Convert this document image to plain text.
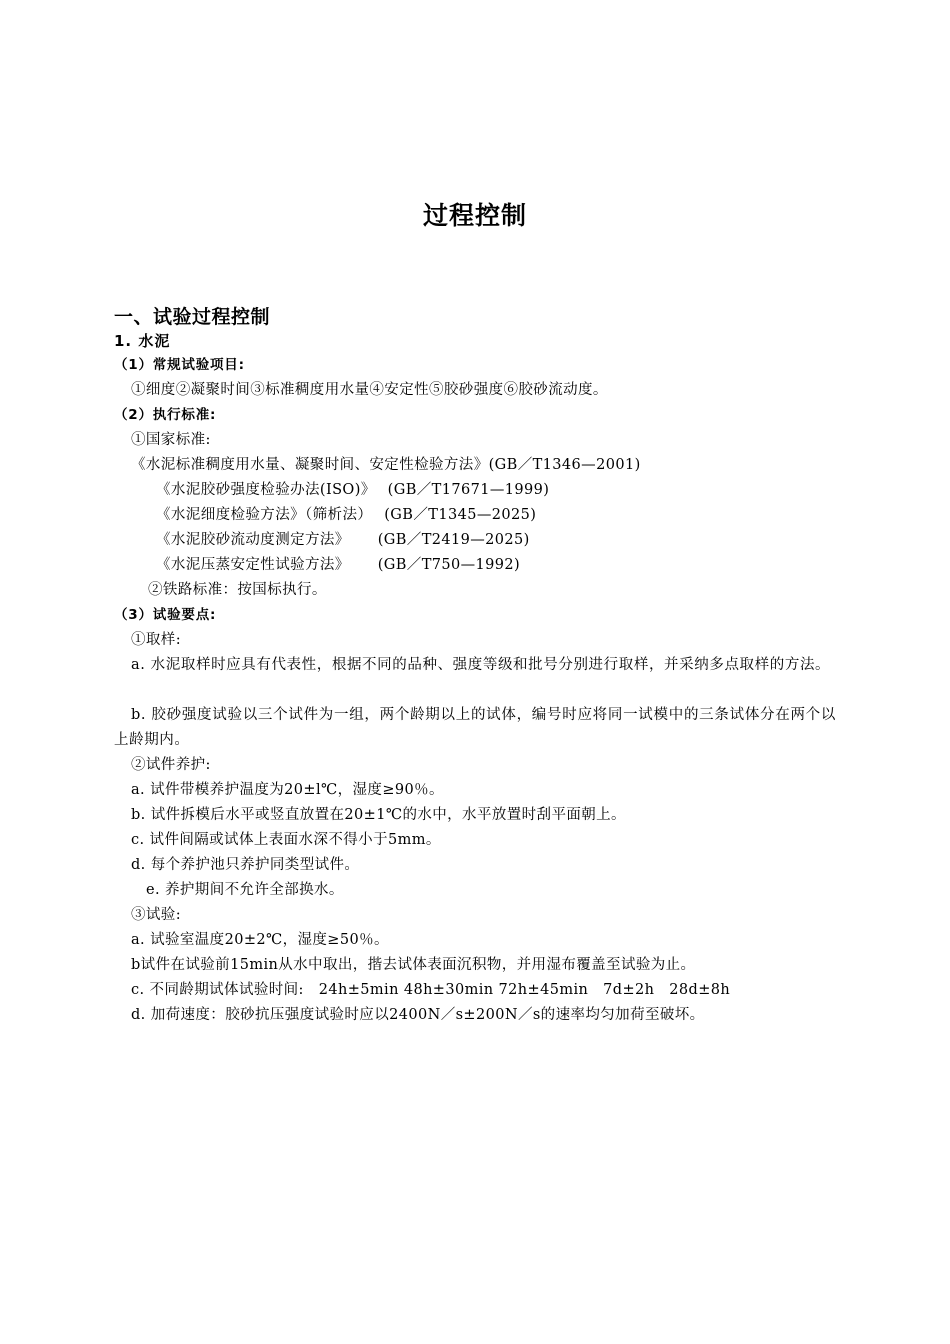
过程控制
一、试验过程控制
1. 水泥
（1）常规试验项目:
①细度②凝聚时间③标准稠度用水量④安定性⑤胶砂强度⑥胶砂流动度。
（2）执行标准:
①国家标准:
《水泥标准稠度用水量、凝聚时间、安定性检验方法》(GB／T1346—2001)
《水泥胶砂强度检验办法(ISO)》 (GB／T17671—1999)
《水泥细度检验方法》（筛析法） (GB／T1345—2025)
《水泥胶砂流动度测定方法》 (GB／T2419—2025)
《水泥压蒸安定性试验方法》 (GB／T750—1992)
②铁路标准：按国标执行。
（3）试验要点:
①取样:
a. 水泥取样时应具有代表性，根据不同的品种、强度等级和批号分别进行取样，并采纳多点取样的方法。
b. 胶砂强度试验以三个试件为一组，两个龄期以上的试体，编号时应将同一试模中的三条试体分在两个以上龄期内。
②试件养护:
a. 试件带模养护温度为20±l℃，湿度≥90％。
b. 试件拆模后水平或竖直放置在20±1℃的水中，水平放置时刮平面朝上。
c. 试件间隔或试体上表面水深不得小于5mm。
d. 每个养护池只养护同类型试件。
e. 养护期间不允许全部换水。
③试验:
a. 试验室温度20±2℃，湿度≥50％。
b试件在试验前15min从水中取出，揩去试体表面沉积物，并用湿布覆盖至试验为止。
c. 不同龄期试体试验时间:　24h±5min 48h±30min 72h±45min　7d±2h　28d±8h
d. 加荷速度：胶砂抗压强度试验时应以2400N／s±200N／s的速率均匀加荷至破坏。
